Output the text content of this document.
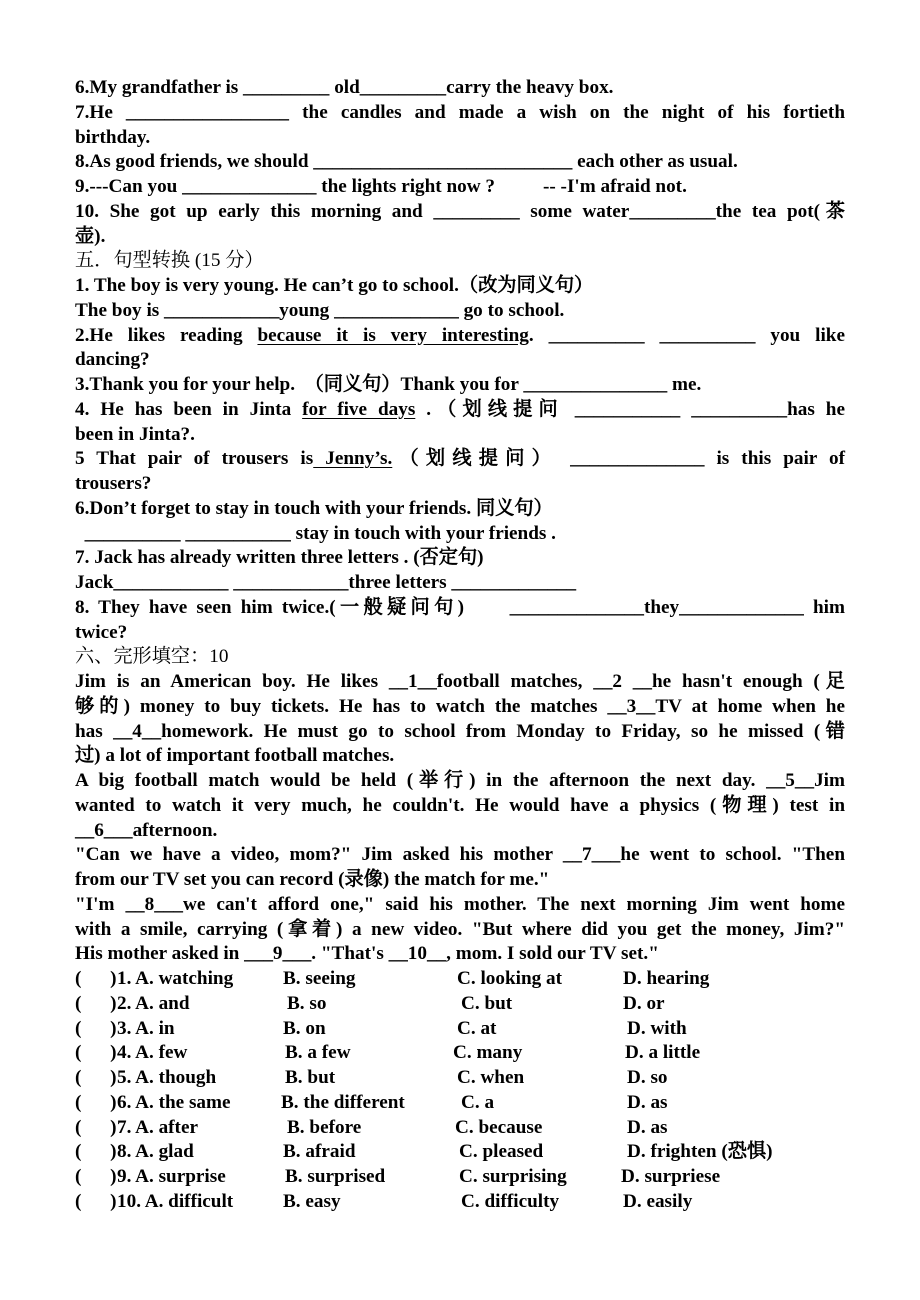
6.My grandfather is _________ old_________carry the heavy box.
7.He _________________ the candles and made a wish on the night of his fortieth
birthday.
8.As good friends, we should ___________________________ each other as usual.
9.---Can you ______________ the lights right now ?          -- -I'm afraid not.
10. She got up early this morning and _________ some water_________the tea pot(茶
壶).
五．句型转换 (15 分）
1. The boy is very young. He can’t go to school.（改为同义句）
The boy is ____________young _____________ go to school.
2.He likes reading because it is very interesting. __________ __________ you like
dancing?
3.Thank you for your help.  （同义句）Thank you for _______________ me.
4. He has been in Jinta for five days .（划线提问 ___________ __________has he
been in Jinta?.
5 That pair of trousers is Jenny’s.（划线提问） ______________ is this pair of
trousers?
6.Don’t forget to stay in touch with your friends. 同义句）
__________ ___________ stay in touch with your friends .
7. Jack has already written three letters . (否定句)
Jack____________ ____________three letters _____________
8. They have seen him twice.(一般疑问句)     ______________they_____________ him
twice?
六、完形填空：10
Jim is an American boy. He likes __1__football matches, __2 __he hasn't enough (足
够的) money to buy tickets. He has to watch the matches __3__TV at home when he
has __4__homework. He must go to school from Monday to Friday, so he missed (错
过) a lot of important football matches.
A big football match would be held (举行) in the afternoon the next day. __5__Jim
wanted to watch it very much, he couldn't. He would have a physics (物理) test in
__6___afternoon.
"Can we have a video, mom?" Jim asked his mother __7___he went to school. "Then
from our TV set you can record (录像) the match for me."
"I'm __8___we can't afford one," said his mother. The next morning Jim went home
with a smile, carrying (拿着) a new video. "But where did you get the money, Jim?"
His mother asked in ___9___. "That's __10__, mom. I sold our TV set."
(      ) 1. A. watching	B. seeing	C. looking at	D. hearing
(      ) 2. A. and	B. so	C. but	D. or
(      ) 3. A. in	B. on	C. at	D. with
(      ) 4. A. few	B. a few	C. many	D. a little
(      ) 5. A. though	B. but	C. when	D. so
(      ) 6. A. the same	B. the different	C. a	D. as
(      ) 7. A. after	B. before	C. because	D. as
(      ) 8. A. glad	B. afraid	C. pleased	D. frighten (恐惧)
(      ) 9. A. surprise	B. surprised	C. surprising	D. surpriese
(      ) 10. A. difficult	B. easy	C. difficulty	D. easily
